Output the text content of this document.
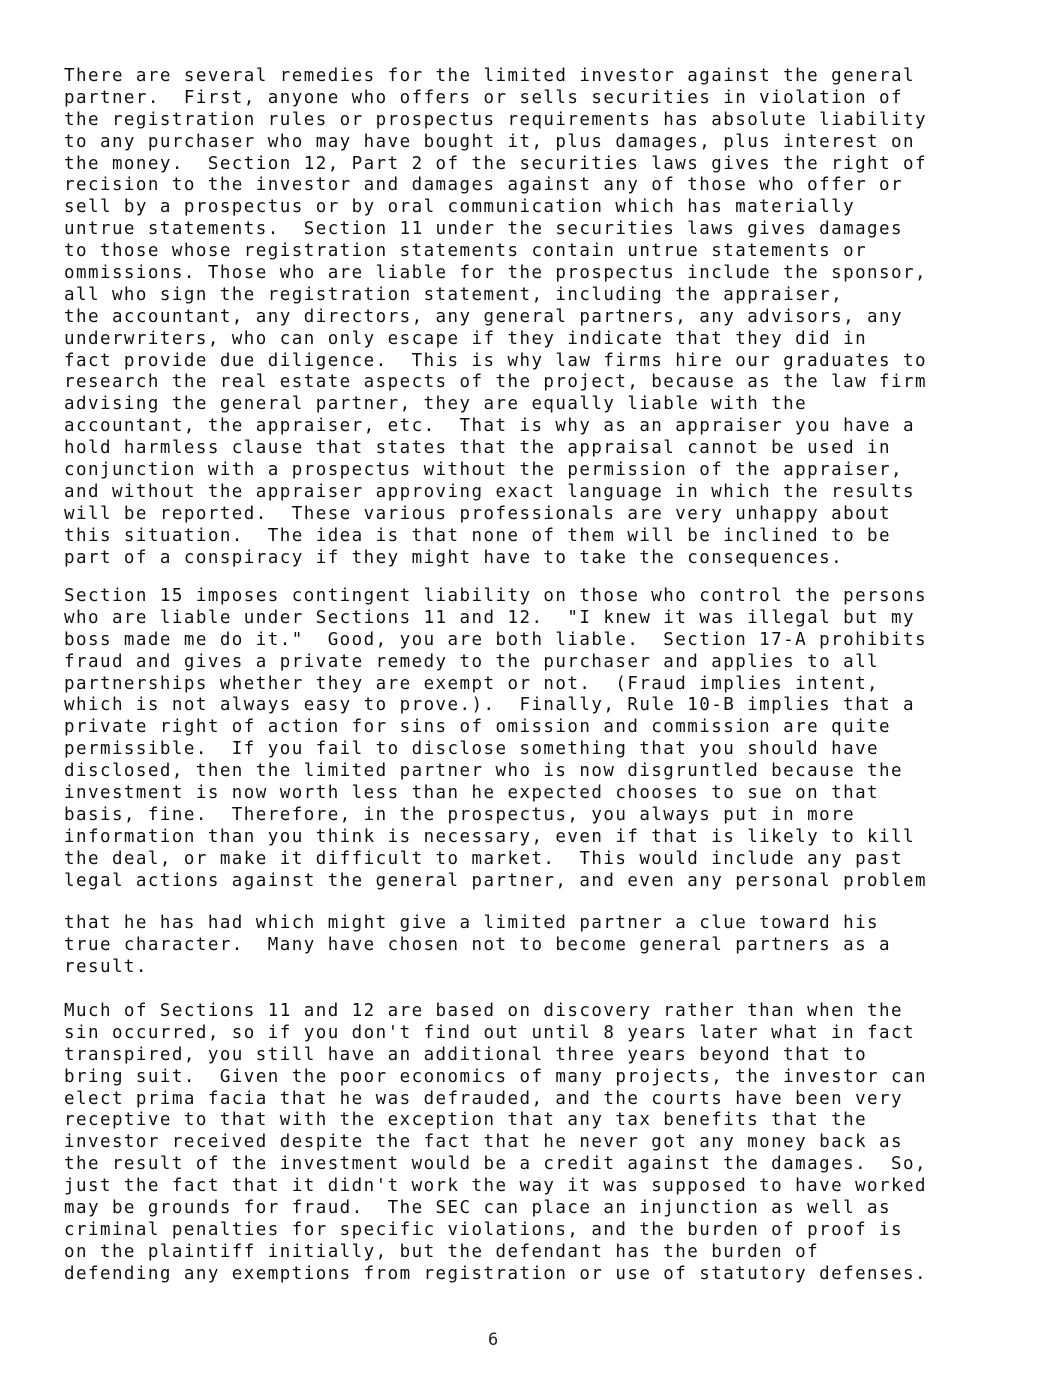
There are several remedies for the limited investor against the general
partner.  First, anyone who offers or sells securities in violation of
the registration rules or prospectus requirements has absolute liability
to any purchaser who may have bought it, plus damages, plus interest on
the money.  Section 12, Part 2 of the securities laws gives the right of
recision to the investor and damages against any of those who offer or
sell by a prospectus or by oral communication which has materially
untrue statements.  Section 11 under the securities laws gives damages
to those whose registration statements contain untrue statements or
ommissions. Those who are liable for the prospectus include the sponsor,
all who sign the registration statement, including the appraiser,
the accountant, any directors, any general partners, any advisors, any
underwriters, who can only escape if they indicate that they did in
fact provide due diligence.  This is why law firms hire our graduates to
research the real estate aspects of the project, because as the law firm
advising the general partner, they are equally liable with the
accountant, the appraiser, etc.  That is why as an appraiser you have a
hold harmless clause that states that the appraisal cannot be used in
conjunction with a prospectus without the permission of the appraiser,
and without the appraiser approving exact language in which the results
will be reported.  These various professionals are very unhappy about
this situation.  The idea is that none of them will be inclined to be
part of a conspiracy if they might have to take the consequences.
Section 15 imposes contingent liability on those who control the persons
who are liable under Sections 11 and 12.  "I knew it was illegal but my
boss made me do it."  Good, you are both liable.  Section 17-A prohibits
fraud and gives a private remedy to the purchaser and applies to all
partnerships whether they are exempt or not.  (Fraud implies intent,
which is not always easy to prove.).  Finally, Rule 10-B implies that a
private right of action for sins of omission and commission are quite
permissible.  If you fail to disclose something that you should have
disclosed, then the limited partner who is now disgruntled because the
investment is now worth less than he expected chooses to sue on that
basis, fine.  Therefore, in the prospectus, you always put in more
information than you think is necessary, even if that is likely to kill
the deal, or make it difficult to market.  This would include any past
legal actions against the general partner, and even any personal problem
that he has had which might give a limited partner a clue toward his
true character.  Many have chosen not to become general partners as a
result.
Much of Sections 11 and 12 are based on discovery rather than when the
sin occurred, so if you don't find out until 8 years later what in fact
transpired, you still have an additional three years beyond that to
bring suit.  Given the poor economics of many projects, the investor can
elect prima facia that he was defrauded, and the courts have been very
receptive to that with the exception that any tax benefits that the
investor received despite the fact that he never got any money back as
the result of the investment would be a credit against the damages.  So,
just the fact that it didn't work the way it was supposed to have worked
may be grounds for fraud.  The SEC can place an injunction as well as
criminal penalties for specific violations, and the burden of proof is
on the plaintiff initially, but the defendant has the burden of
defending any exemptions from registration or use of statutory defenses.
6
